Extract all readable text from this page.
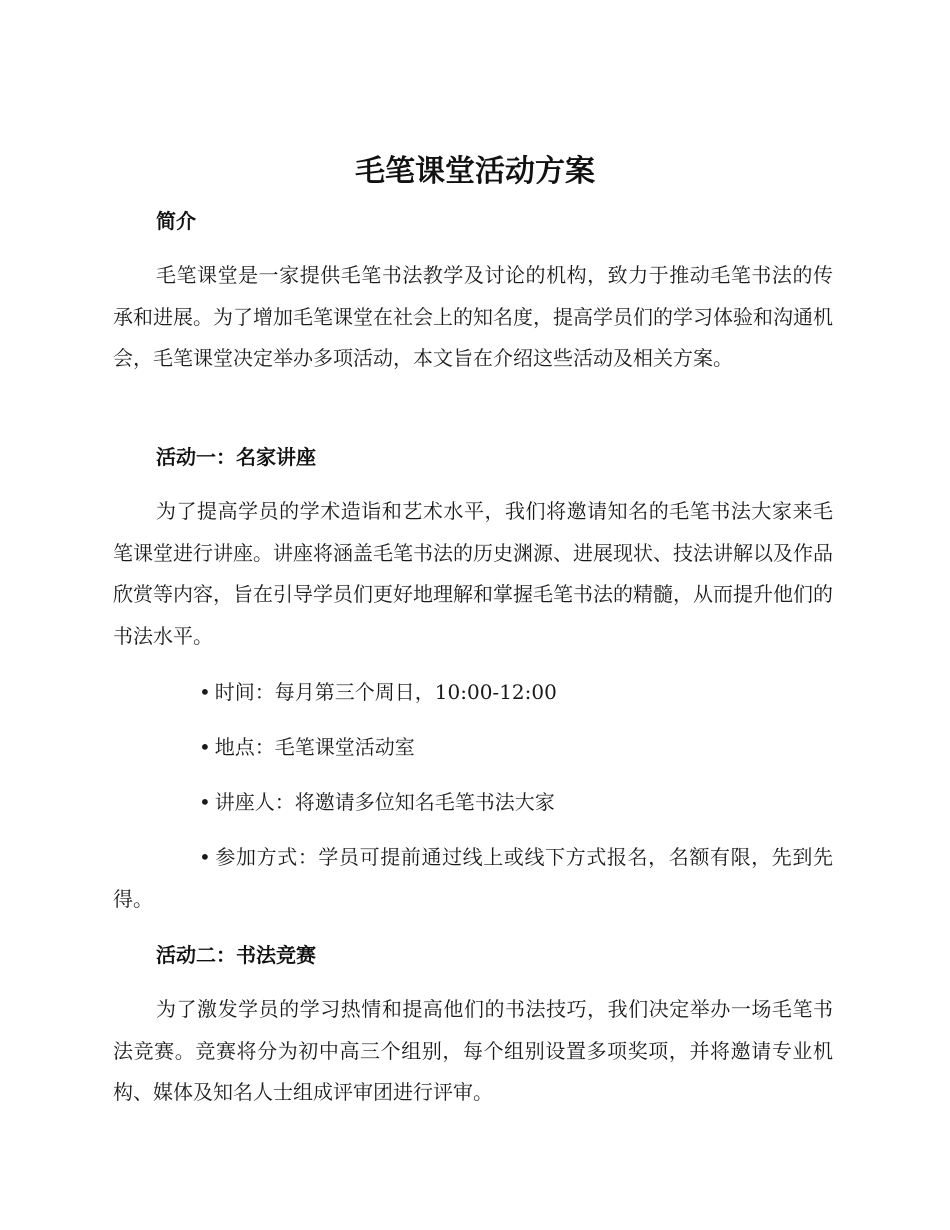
毛笔课堂活动方案
简介
毛笔课堂是一家提供毛笔书法教学及讨论的机构，致力于推动毛笔书法的传承和进展。为了增加毛笔课堂在社会上的知名度，提高学员们的学习体验和沟通机会，毛笔课堂决定举办多项活动，本文旨在介绍这些活动及相关方案。
活动一：名家讲座
为了提高学员的学术造诣和艺术水平，我们将邀请知名的毛笔书法大家来毛笔课堂进行讲座。讲座将涵盖毛笔书法的历史渊源、进展现状、技法讲解以及作品欣赏等内容，旨在引导学员们更好地理解和掌握毛笔书法的精髓，从而提升他们的书法水平。
• 时间：每月第三个周日，10:00-12:00
• 地点：毛笔课堂活动室
• 讲座人：将邀请多位知名毛笔书法大家
• 参加方式：学员可提前通过线上或线下方式报名，名额有限，先到先得。
活动二：书法竞赛
为了激发学员的学习热情和提高他们的书法技巧，我们决定举办一场毛笔书法竞赛。竞赛将分为初中高三个组别，每个组别设置多项奖项，并将邀请专业机构、媒体及知名人士组成评审团进行评审。
